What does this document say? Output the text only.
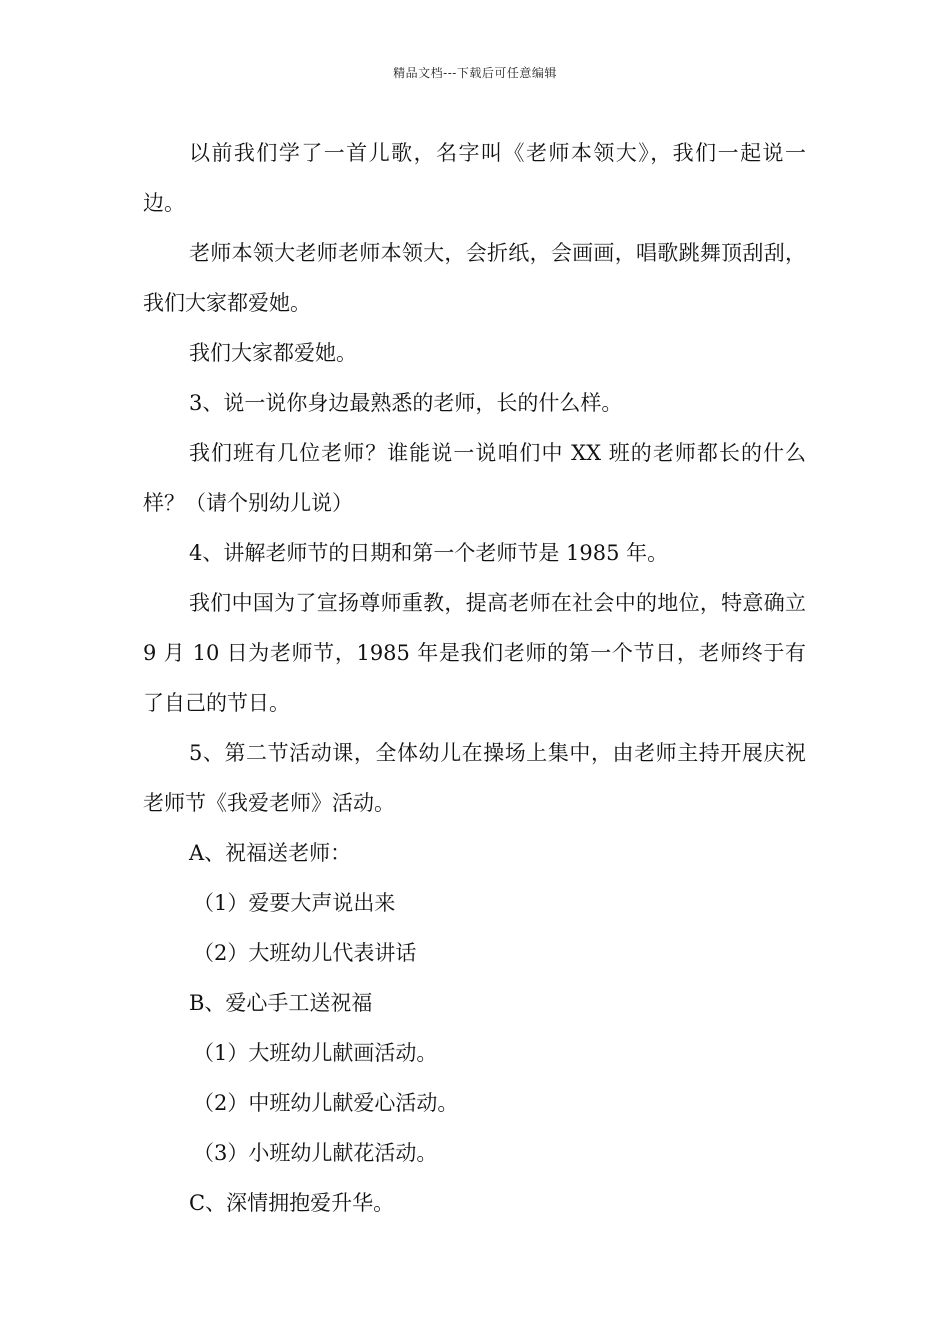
精品文档---下载后可任意编辑

以前我们学了一首儿歌，名字叫《老师本领大》，我们一起说一边。

老师本领大老师老师本领大，会折纸，会画画，唱歌跳舞顶刮刮，我们大家都爱她。

我们大家都爱她。

3、说一说你身边最熟悉的老师，长的什么样。

我们班有几位老师？谁能说一说咱们中 XX 班的老师都长的什么样？（请个别幼儿说）

4、讲解老师节的日期和第一个老师节是 1985 年。

我们中国为了宣扬尊师重教，提高老师在社会中的地位，特意确立 9 月 10 日为老师节，1985 年是我们老师的第一个节日，老师终于有了自己的节日。

5、第二节活动课，全体幼儿在操场上集中，由老师主持开展庆祝老师节《我爱老师》活动。

A、祝福送老师：

（1）爱要大声说出来

（2）大班幼儿代表讲话

B、爱心手工送祝福

（1）大班幼儿献画活动。

（2）中班幼儿献爱心活动。

（3）小班幼儿献花活动。

C、深情拥抱爱升华。
